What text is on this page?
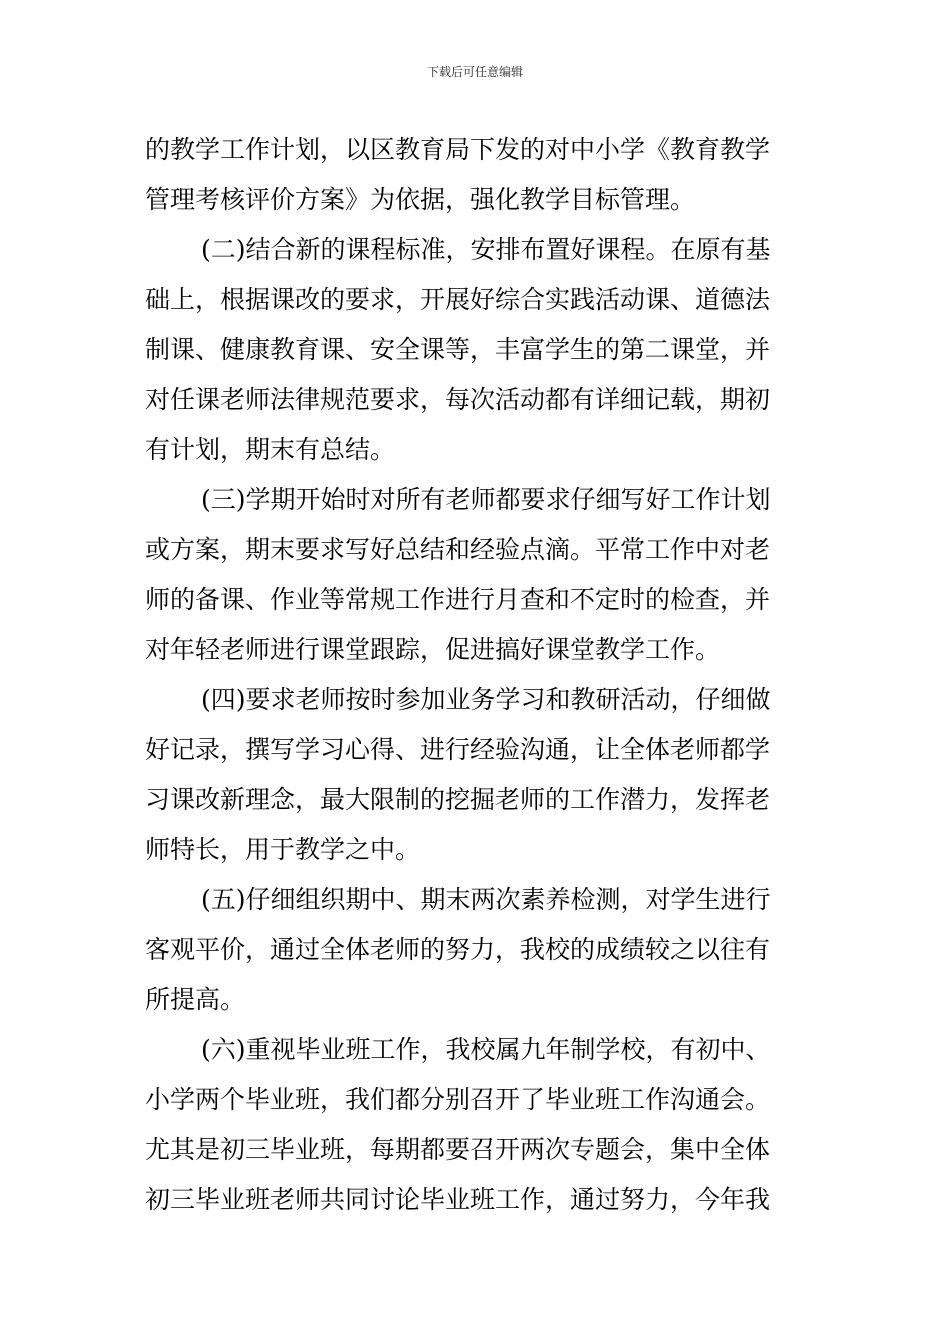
下载后可任意编辑
的教学工作计划，以区教育局下发的对中小学《教育教学
管理考核评价方案》为依据，强化教学目标管理。
(二)结合新的课程标准，安排布置好课程。在原有基
础上，根据课改的要求，开展好综合实践活动课、道德法
制课、健康教育课、安全课等，丰富学生的第二课堂，并
对任课老师法律规范要求，每次活动都有详细记载，期初
有计划，期末有总结。
(三)学期开始时对所有老师都要求仔细写好工作计划
或方案，期末要求写好总结和经验点滴。平常工作中对老
师的备课、作业等常规工作进行月查和不定时的检查，并
对年轻老师进行课堂跟踪，促进搞好课堂教学工作。
(四)要求老师按时参加业务学习和教研活动，仔细做
好记录，撰写学习心得、进行经验沟通，让全体老师都学
习课改新理念，最大限制的挖掘老师的工作潜力，发挥老
师特长，用于教学之中。
(五)仔细组织期中、期末两次素养检测，对学生进行
客观平价，通过全体老师的努力，我校的成绩较之以往有
所提高。
(六)重视毕业班工作，我校属九年制学校，有初中、
小学两个毕业班，我们都分别召开了毕业班工作沟通会。
尤其是初三毕业班，每期都要召开两次专题会，集中全体
初三毕业班老师共同讨论毕业班工作，通过努力，今年我
